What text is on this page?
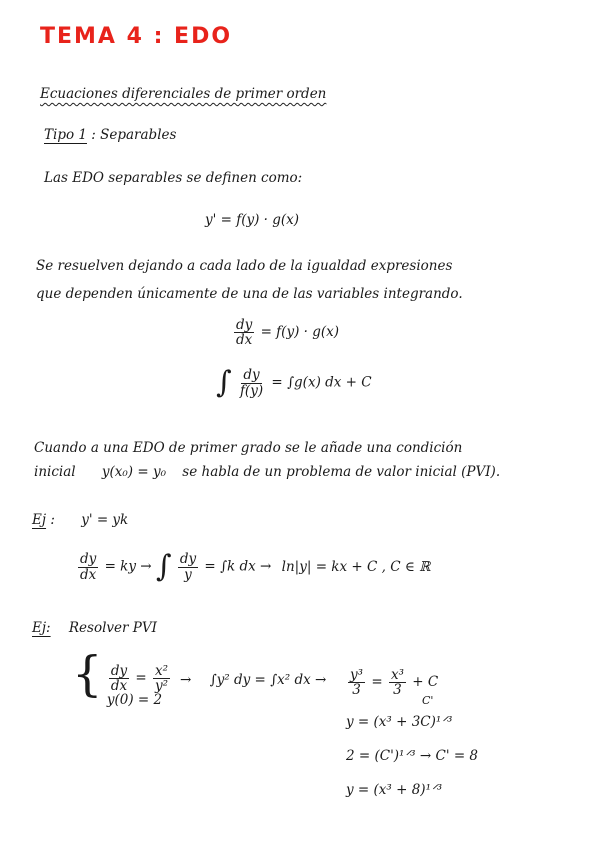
TEMA 4 : EDO
Ecuaciones diferenciales de primer orden
Tipo 1 : Separables
Las EDO separables se definen como:
y' = f(y) · g(x)
Se resuelven dejando a cada lado de la igualdad expresiones
que dependen únicamente de una de las variables integrando.
$\frac{dy}{dx} = f(y) \cdot g(x)$
∫ $\frac{dy}{f(y)} = \int g(x)$ dx + C
Cuando a una EDO de primer grado se le añade una condición
inicial y(x₀) = y₀ se habla de un problema de valor inicial (PVI).
Ej : y' = yk
$\frac{dy}{dx}$ = ky → ∫ $\frac{dy}{y} = \int k$ dx → ln|y| = kx + C , C ∈ ℝ
Ej: Resolver PVI
{ $\frac{dy}{dx} = \frac{\text{x²}}{\text{y²}}$
y(0) = 2
→ ∫y² dy = ∫x² dx → $\frac{\text{y³}}{3} = \frac{\text{x³}}{3} + C$
C'
y = (x³ + 3C)¹ᐟ³
2 = (C')¹ᐟ³ → C' = 8
y = (x³ + 8)¹ᐟ³
